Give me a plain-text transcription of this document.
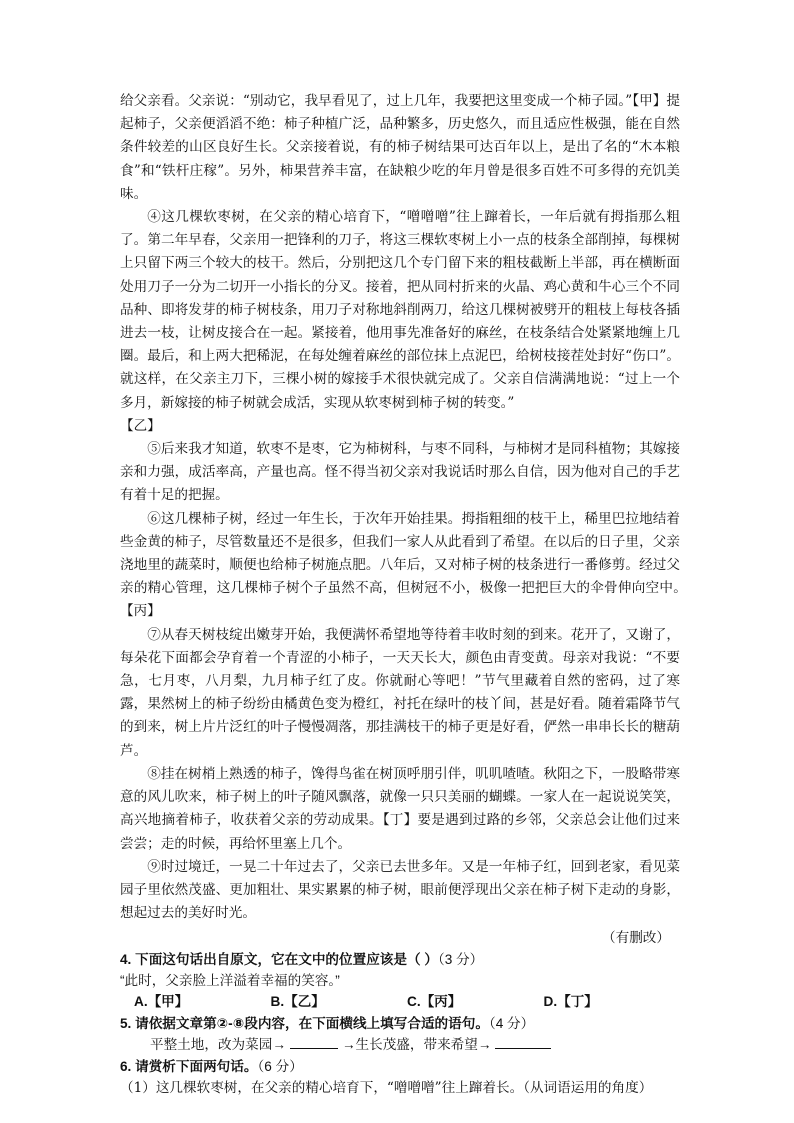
给父亲看。父亲说：“别动它，我早看见了，过上几年，我要把这里变成一个柿子园。”【甲】提起柿子，父亲便滔滔不绝：柿子种植广泛，品种繁多，历史悠久，而且适应性极强，能在自然条件较差的山区良好生长。父亲接着说，有的柿子树结果可达百年以上，是出了名的“木本粮食”和“铁杆庄稼”。另外，柿果营养丰富，在缺粮少吃的年月曾是很多百姓不可多得的充饥美味。

④这几棵软枣树，在父亲的精心培育下，“噌噌噌”往上蹿着长，一年后就有拇指那么粗了。第二年早春，父亲用一把锋利的刀子，将这三棵软枣树上小一点的枝条全部削掉，每棵树上只留下两三个较大的枝干。然后，分别把这几个专门留下来的粗枝截断上半部，再在横断面处用刀子一分为二切开一小指长的分叉。接着，把从同村折来的火晶、鸡心黄和牛心三个不同品种、即将发芽的柿子树枝条，用刀子对称地斜削两刀，给这几棵树被劈开的粗枝上每枝各插进去一枝，让树皮接合在一起。紧接着，他用事先准备好的麻丝，在枝条结合处紧紧地缠上几圈。最后，和上两大把稀泥，在每处缠着麻丝的部位抹上点泥巴，给树枝接茬处封好“伤口”。就这样，在父亲主刀下，三棵小树的嫁接手术很快就完成了。父亲自信满满地说：“过上一个多月，新嫁接的柿子树就会成活，实现从软枣树到柿子树的转变。”

【乙】

⑤后来我才知道，软枣不是枣，它为柿树科，与枣不同科，与柿树才是同科植物；其嫁接亲和力强，成活率高，产量也高。怪不得当初父亲对我说话时那么自信，因为他对自己的手艺有着十足的把握。

⑥这几棵柿子树，经过一年生长，于次年开始挂果。拇指粗细的枝干上，稀里巴拉地结着些金黄的柿子，尽管数量还不是很多，但我们一家人从此看到了希望。在以后的日子里，父亲浇地里的蔬菜时，顺便也给柿子树施点肥。八年后，又对柿子树的枝条进行一番修剪。经过父亲的精心管理，这几棵柿子树个子虽然不高，但树冠不小，极像一把把巨大的伞骨伸向空中。　【丙】

⑦从春天树枝绽出嫩芽开始，我便满怀希望地等待着丰收时刻的到来。花开了，又谢了，每朵花下面都会孕育着一个青涩的小柿子，一天天长大，颜色由青变黄。母亲对我说：“不要急，七月枣，八月梨，九月柿子红了皮。你就耐心等吧！”节气里藏着自然的密码，过了寒露，果然树上的柿子纷纷由橘黄色变为橙红，衬托在绿叶的枝丫间，甚是好看。随着霜降节气的到来，树上片片泛红的叶子慢慢凋落，那挂满枝干的柿子更是好看，俨然一串串长长的糖葫芦。

⑧挂在树梢上熟透的柿子，馋得鸟雀在树顶呼朋引伴，叽叽喳喳。秋阳之下，一股略带寒意的风儿吹来，柿子树上的叶子随风飘落，就像一只只美丽的蝴蝶。一家人在一起说说笑笑，高兴地摘着柿子，收获着父亲的劳动成果。【丁】要是遇到过路的乡邻，父亲总会让他们过来尝尝；走的时候，再给怀里塞上几个。

⑨时过境迁，一晃二十年过去了，父亲已去世多年。又是一年柿子红，回到老家，看见菜园子里依然茂盛、更加粗壮、果实累累的柿子树，眼前便浮现出父亲在柿子树下走动的身影，想起过去的美好时光。

（有删改）

4. 下面这句话出自原文，它在文中的位置应该是（ ）（3 分）

“此时，父亲脸上洋溢着幸福的笑容。”

A.【甲】	B.【乙】	C.【丙】	D.【丁】

5. 请依据文章第②-⑧段内容，在下面横线上填写合适的语句。（4 分）

平整土地，改为菜园→	→生长茂盛，带来希望→

6. 请赏析下面两句话。（6 分）

（1）这几棵软枣树，在父亲的精心培育下，“噌噌噌”往上蹿着长。（从词语运用的角度）
